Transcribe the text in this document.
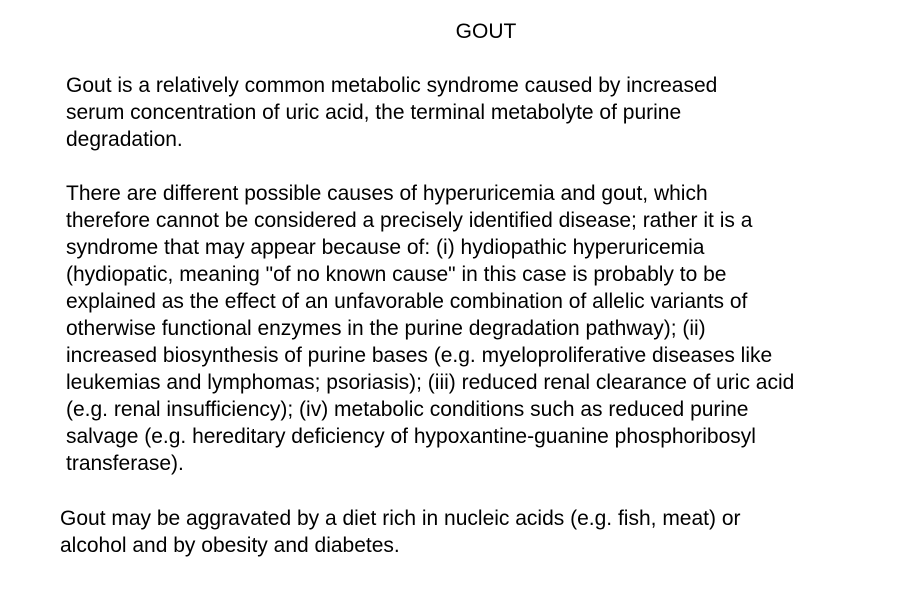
GOUT

Gout is a relatively common metabolic syndrome caused by increased
serum concentration of uric acid, the terminal metabolyte of purine
degradation.

There are different possible causes of hyperuricemia and gout, which
therefore cannot be considered a precisely identified disease; rather it is a
syndrome that may appear because of: (i) hydiopathic hyperuricemia
(hydiopatic, meaning "of no known cause" in this case is probably to be
explained as the effect of an unfavorable combination of allelic variants of
otherwise functional enzymes in the purine degradation pathway); (ii)
increased biosynthesis of purine bases (e.g. myeloproliferative diseases like
leukemias and lymphomas; psoriasis); (iii) reduced renal clearance of uric acid
(e.g. renal insufficiency); (iv) metabolic conditions such as reduced purine
salvage (e.g. hereditary deficiency of hypoxantine-guanine phosphoribosyl
transferase).

Gout may be aggravated by a diet rich in nucleic acids (e.g. fish, meat) or
alcohol and by obesity and diabetes.
